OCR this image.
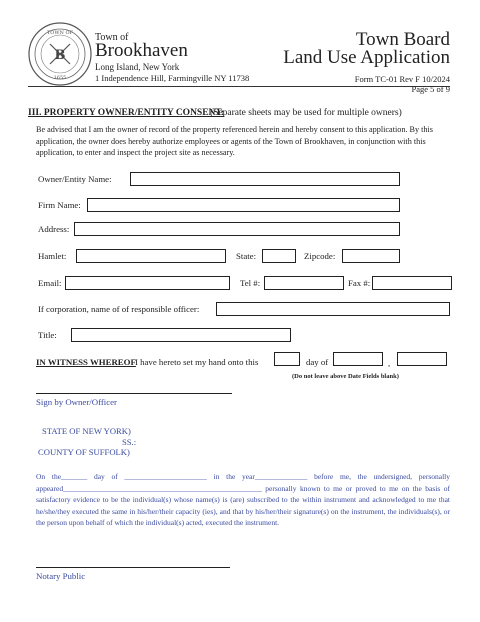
TOWN OF
1655
B
Town of
Brookhaven
Long Island, New York
Town Board
Land Use Application
1 Independence Hill, Farmingville NY 11738	Form TC-01 Rev F 10/2024
Page 5 of 9
III. PROPERTY OWNER/ENTITY CONSENT:
(Separate sheets may be used for multiple owners)
Be advised that I am the owner of record of the property referenced herein and hereby consent to this application. By this application, the owner does hereby authorize employees or agents of the Town of Brookhaven, in conjunction with this application, to enter and inspect the project site as necessary.
Owner/Entity Name:
Firm Name:
Address:
Hamlet:	State:	Zipcode:
Email:	Tel #:	Fax #:
If corporation, name of of responsible officer:
Title:
IN WITNESS WHEREOF I have hereto set my hand onto this	day of	,
(Do not leave above Date Fields blank)
Sign by Owner/Officer
STATE OF NEW YORK)
SS.:
COUNTY OF SUFFOLK)
On the_______ day of ______________________ in the year______________ before me, the undersigned, personally appeared_____________________________________________________ personally known to me or proved to me on the basis of satisfactory evidence to be the individual(s) whose name(s) is (are) subscribed to the within instrument and acknowledged to me that he/she/they executed the same in his/her/their capacity (ies), and that by his/her/their signature(s) on the instrument, the individuals(s), or the person upon behalf of which the individual(s) acted, executed the instrument.
Notary Public
